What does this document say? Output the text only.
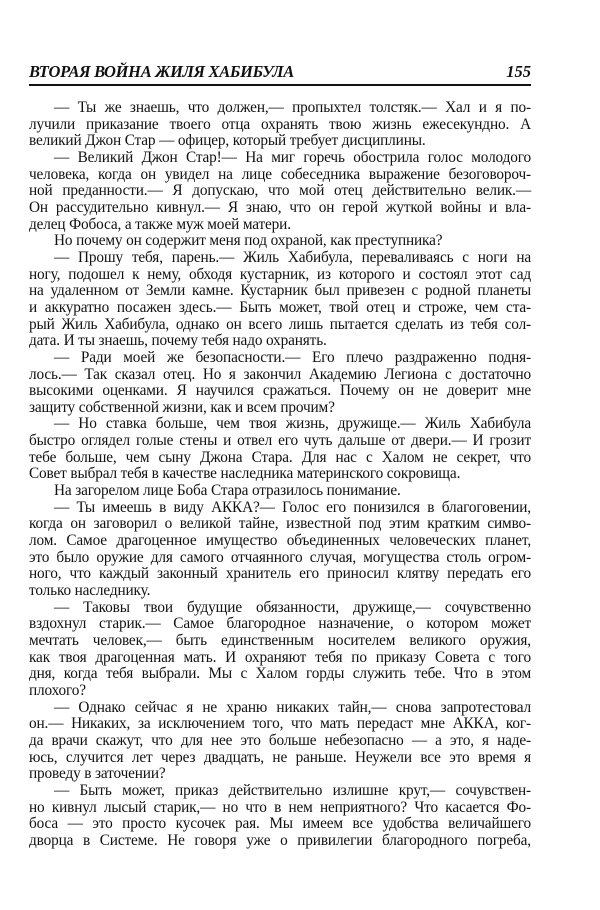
ВТОРАЯ ВОЙНА ЖИЛЯ ХАБИБУЛА	155
— Ты же знаешь, что должен,— пропыхтел толстяк.— Хал и я по-
лучили приказание твоего отца охранять твою жизнь ежесекундно. А
великий Джон Стар — офицер, который требует дисциплины.
— Великий Джон Стар!— На миг горечь обострила голос молодого
человека, когда он увидел на лице собеседника выражение безоговороч-
ной преданности.— Я допускаю, что мой отец действительно велик.—
Он рассудительно кивнул.— Я знаю, что он герой жуткой войны и вла-
делец Фобоса, а также муж моей матери.
Но почему он содержит меня под охраной, как преступника?
— Прошу тебя, парень.— Жиль Хабибула, переваливаясь с ноги на
ногу, подошел к нему, обходя кустарник, из которого и состоял этот сад
на удаленном от Земли камне. Кустарник был привезен с родной планеты
и аккуратно посажен здесь.— Быть может, твой отец и строже, чем ста-
рый Жиль Хабибула, однако он всего лишь пытается сделать из тебя сол-
дата. И ты знаешь, почему тебя надо охранять.
— Ради моей же безопасности.— Его плечо раздраженно подня-
лось.— Так сказал отец. Но я закончил Академию Легиона с достаточно
высокими оценками. Я научился сражаться. Почему он не доверит мне
защиту собственной жизни, как и всем прочим?
— Но ставка больше, чем твоя жизнь, дружище.— Жиль Хабибула
быстро оглядел голые стены и отвел его чуть дальше от двери.— И грозит
тебе больше, чем сыну Джона Стара. Для нас с Халом не секрет, что
Совет выбрал тебя в качестве наследника материнского сокровища.
На загорелом лице Боба Стара отразилось понимание.
— Ты имеешь в виду АККА?— Голос его понизился в благоговении,
когда он заговорил о великой тайне, известной под этим кратким симво-
лом. Самое драгоценное имущество объединенных человеческих планет,
это было оружие для самого отчаянного случая, могущества столь огром-
ного, что каждый законный хранитель его приносил клятву передать его
только наследнику.
— Таковы твои будущие обязанности, дружище,— сочувственно
вздохнул старик.— Самое благородное назначение, о котором может
мечтать человек,— быть единственным носителем великого оружия,
как твоя драгоценная мать. И охраняют тебя по приказу Совета с того
дня, когда тебя выбрали. Мы с Халом горды служить тебе. Что в этом
плохого?
— Однако сейчас я не храню никаких тайн,— снова запротестовал
он.— Никаких, за исключением того, что мать передаст мне АККА, ког-
да врачи скажут, что для нее это больше небезопасно — а это, я наде-
юсь, случится лет через двадцать, не раньше. Неужели все это время я
проведу в заточении?
— Быть может, приказ действительно излишне крут,— сочувствен-
но кивнул лысый старик,— но что в нем неприятного? Что касается Фо-
боса — это просто кусочек рая. Мы имеем все удобства величайшего
дворца в Системе. Не говоря уже о привилегии благородного погреба,
